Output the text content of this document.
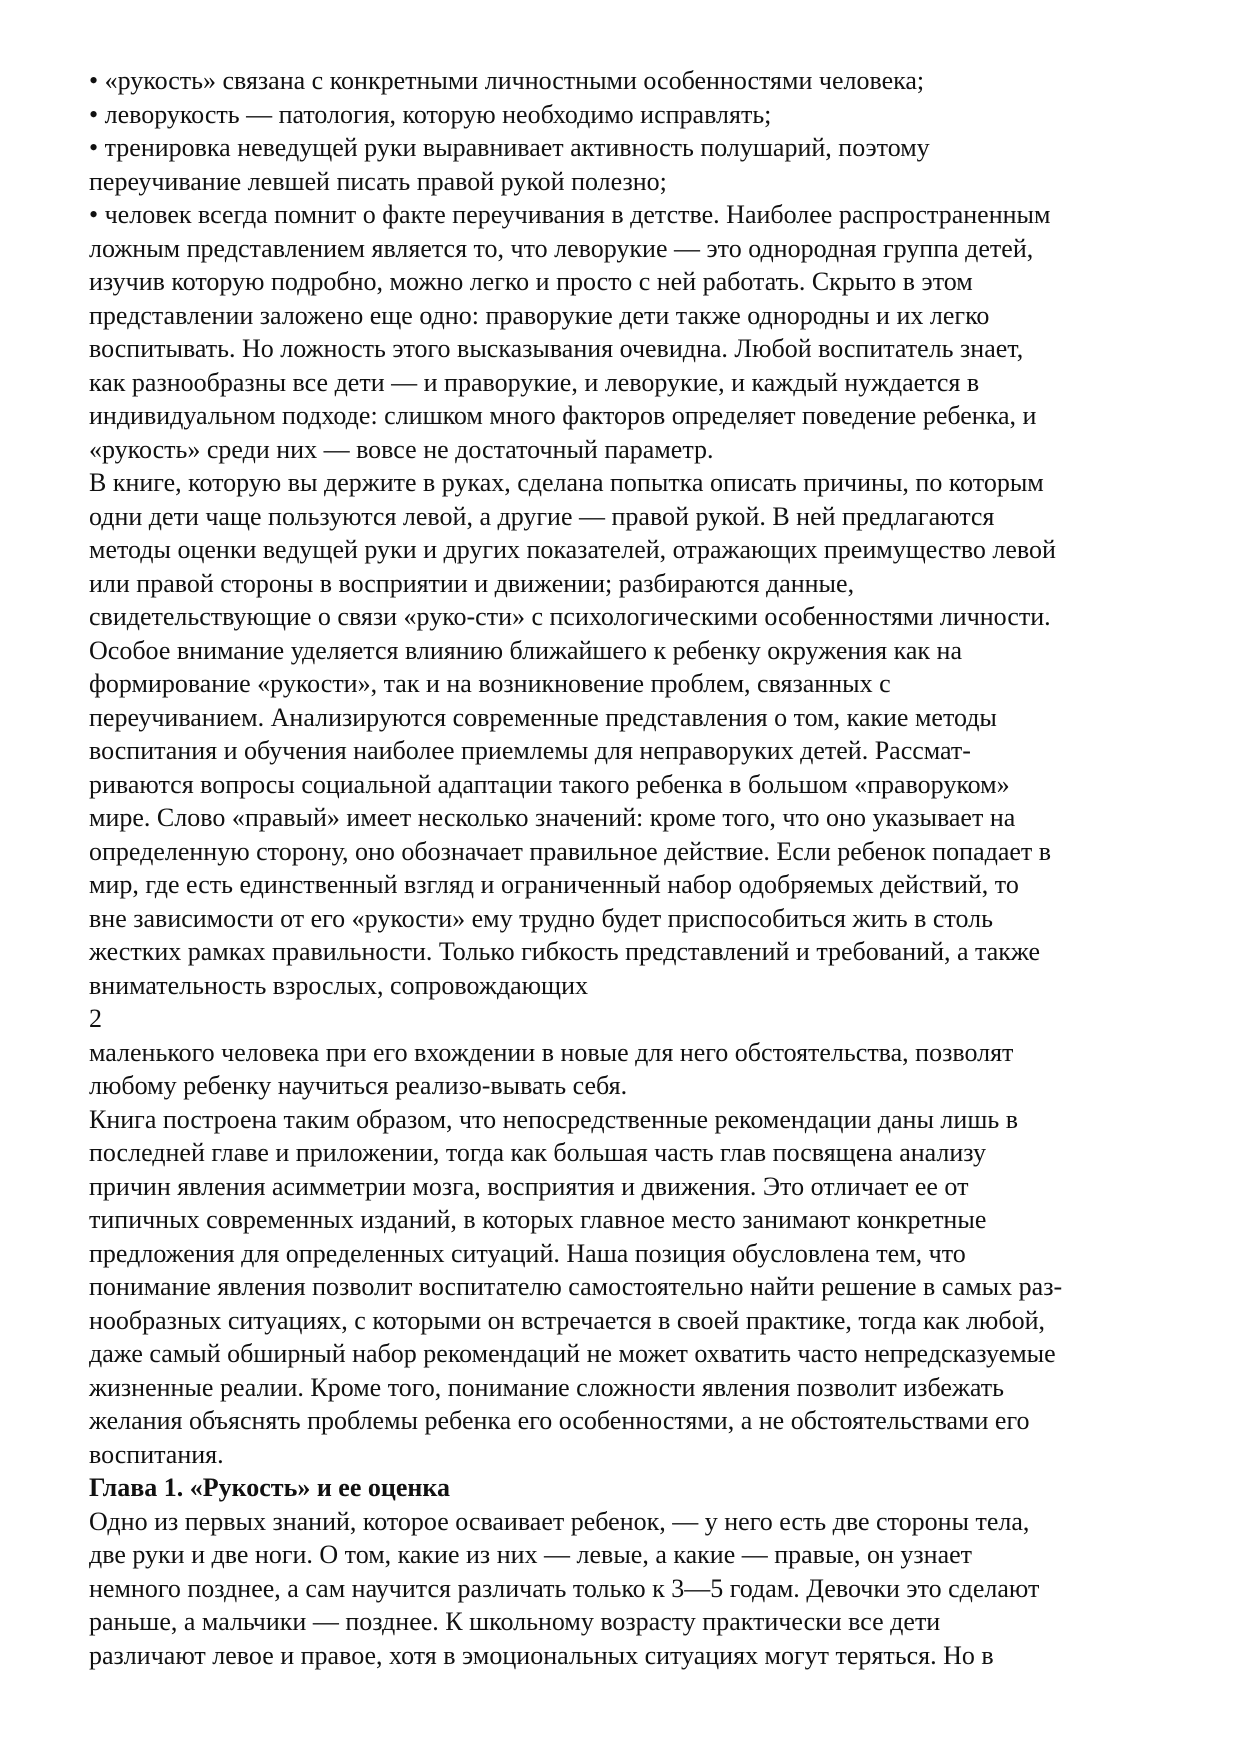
• «рукость» связана с конкретными личностными особенностями человека;
• леворукость — патология, которую необходимо исправлять;
• тренировка неведущей руки выравнивает активность полушарий, поэтому
переучивание левшей писать правой рукой полезно;
• человек всегда помнит о факте переучивания в детстве. Наиболее распространенным
ложным представлением является то, что леворукие — это однородная группа детей,
изучив которую подробно, можно легко и просто с ней работать. Скрыто в этом
представлении заложено еще одно: праворукие дети также однородны и их легко
воспитывать. Но ложность этого высказывания очевидна. Любой воспитатель знает,
как разнообразны все дети — и праворукие, и леворукие, и каждый нуждается в
индивидуальном подходе: слишком много факторов определяет поведение ребенка, и
«рукость» среди них — вовсе не достаточный параметр.
В книге, которую вы держите в руках, сделана попытка описать причины, по которым
одни дети чаще пользуются левой, а другие — правой рукой. В ней предлагаются
методы оценки ведущей руки и других показателей, отражающих преимущество левой
или правой стороны в восприятии и движении; разбираются данные,
свидетельствующие о связи «руко-сти» с психологическими особенностями личности.
Особое внимание уделяется влиянию ближайшего к ребенку окружения как на
формирование «рукости», так и на возникновение проблем, связанных с
переучиванием. Анализируются современные представления о том, какие методы
воспитания и обучения наиболее приемлемы для неправоруких детей. Рассмат-
риваются вопросы социальной адаптации такого ребенка в большом «праворуком»
мире. Слово «правый» имеет несколько значений: кроме того, что оно указывает на
определенную сторону, оно обозначает правильное действие. Если ребенок попадает в
мир, где есть единственный взгляд и ограниченный набор одобряемых действий, то
вне зависимости от его «рукости» ему трудно будет приспособиться жить в столь
жестких рамках правильности. Только гибкость представлений и требований, а также
внимательность взрослых, сопровождающих
2
маленького человека при его вхождении в новые для него обстоятельства, позволят
любому ребенку научиться реализо-вывать себя.
Книга построена таким образом, что непосредственные рекомендации даны лишь в
последней главе и приложении, тогда как большая часть глав посвящена анализу
причин явления асимметрии мозга, восприятия и движения. Это отличает ее от
типичных современных изданий, в которых главное место занимают конкретные
предложения для определенных ситуаций. Наша позиция обусловлена тем, что
понимание явления позволит воспитателю самостоятельно найти решение в самых раз-
нообразных ситуациях, с которыми он встречается в своей практике, тогда как любой,
даже самый обширный набор рекомендаций не может охватить часто непредсказуемые
жизненные реалии. Кроме того, понимание сложности явления позволит избежать
желания объяснять проблемы ребенка его особенностями, а не обстоятельствами его
воспитания.
Глава 1. «Рукость» и ее оценка
Одно из первых знаний, которое осваивает ребенок, — у него есть две стороны тела,
две руки и две ноги. О том, какие из них — левые, а какие — правые, он узнает
немного позднее, а сам научится различать только к 3—5 годам. Девочки это сделают
раньше, а мальчики — позднее. К школьному возрасту практически все дети
различают левое и правое, хотя в эмоциональных ситуациях могут теряться. Но в
